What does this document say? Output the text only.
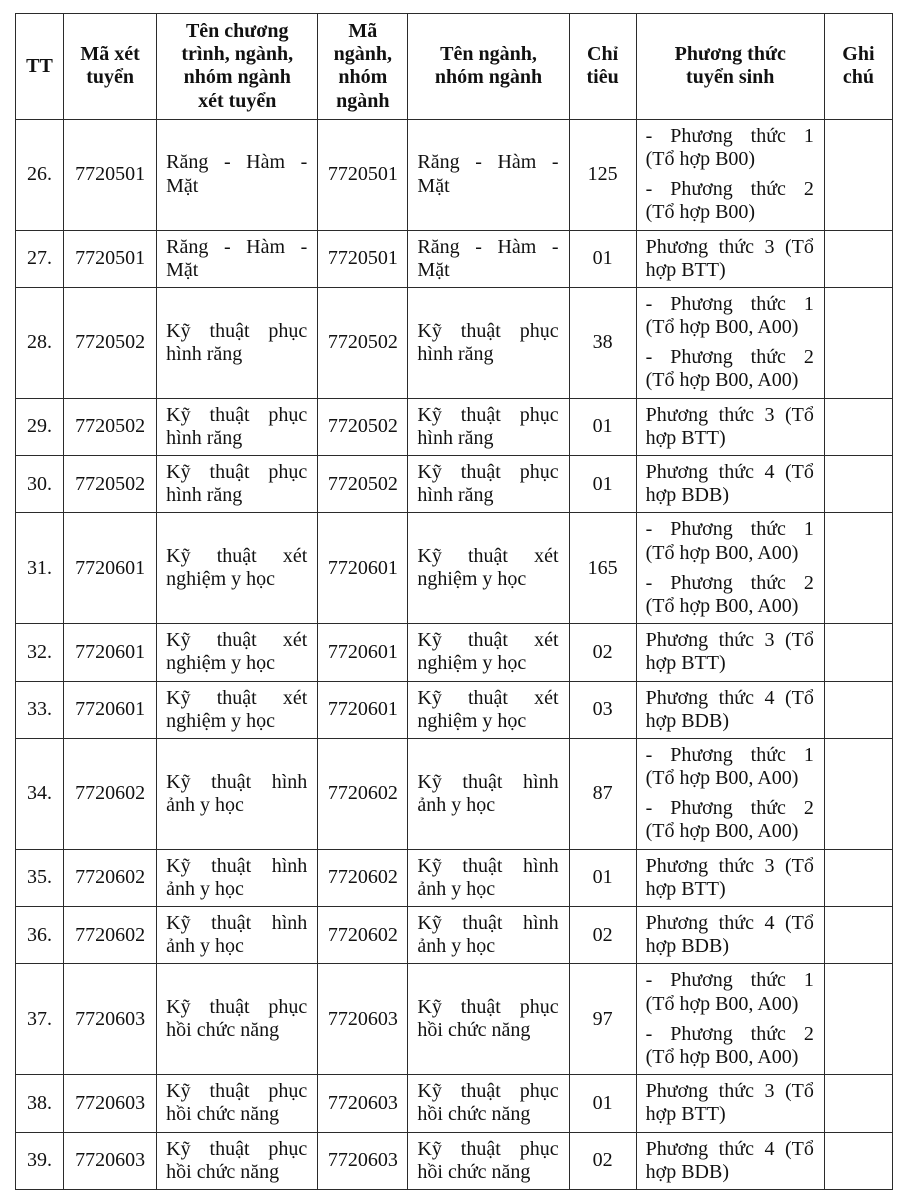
TT

Mã xét
tuyển

Tên chương
trình, ngành,
nhóm ngành
xét tuyển

Mã
ngành,
nhóm
ngành

Tên ngành,
nhóm ngành

Chỉ
tiêu

Phương thức
tuyển sinh

Ghi
chú

26.	7720501	
Răng - Hàm -
Mặt
	7720501	
Răng - Hàm -
Mặt
	125	
- Phương thức 1
(Tổ hợp B00)
- Phương thức 2
(Tổ hợp B00)

27.	7720501	
Răng - Hàm -
Mặt
	7720501	
Răng - Hàm -
Mặt
	01	
Phương thức 3 (Tổ
hợp BTT)

28.	7720502	
Kỹ thuật phục
hình răng
	7720502	
Kỹ thuật phục
hình răng
	38	
- Phương thức 1
(Tổ hợp B00, A00)
- Phương thức 2
(Tổ hợp B00, A00)

29.	7720502	
Kỹ thuật phục
hình răng
	7720502	
Kỹ thuật phục
hình răng
	01	
Phương thức 3 (Tổ
hợp BTT)

30.	7720502	
Kỹ thuật phục
hình răng
	7720502	
Kỹ thuật phục
hình răng
	01	
Phương thức 4 (Tổ
hợp BDB)

31.	7720601	
Kỹ thuật xét
nghiệm y học
	7720601	
Kỹ thuật xét
nghiệm y học
	165	
- Phương thức 1
(Tổ hợp B00, A00)
- Phương thức 2
(Tổ hợp B00, A00)

32.	7720601	
Kỹ thuật xét
nghiệm y học
	7720601	
Kỹ thuật xét
nghiệm y học
	02	
Phương thức 3 (Tổ
hợp BTT)

33.	7720601	
Kỹ thuật xét
nghiệm y học
	7720601	
Kỹ thuật xét
nghiệm y học
	03	
Phương thức 4 (Tổ
hợp BDB)

34.	7720602	
Kỹ thuật hình
ảnh y học
	7720602	
Kỹ thuật hình
ảnh y học
	87	
- Phương thức 1
(Tổ hợp B00, A00)
- Phương thức 2
(Tổ hợp B00, A00)

35.	7720602	
Kỹ thuật hình
ảnh y học
	7720602	
Kỹ thuật hình
ảnh y học
	01	
Phương thức 3 (Tổ
hợp BTT)

36.	7720602	
Kỹ thuật hình
ảnh y học
	7720602	
Kỹ thuật hình
ảnh y học
	02	
Phương thức 4 (Tổ
hợp BDB)

37.	7720603	
Kỹ thuật phục
hồi chức năng
	7720603	
Kỹ thuật phục
hồi chức năng
	97	
- Phương thức 1
(Tổ hợp B00, A00)
- Phương thức 2
(Tổ hợp B00, A00)

38.	7720603	
Kỹ thuật phục
hồi chức năng
	7720603	
Kỹ thuật phục
hồi chức năng
	01	
Phương thức 3 (Tổ
hợp BTT)

39.	7720603	
Kỹ thuật phục
hồi chức năng
	7720603	
Kỹ thuật phục
hồi chức năng
	02	
Phương thức 4 (Tổ
hợp BDB)
